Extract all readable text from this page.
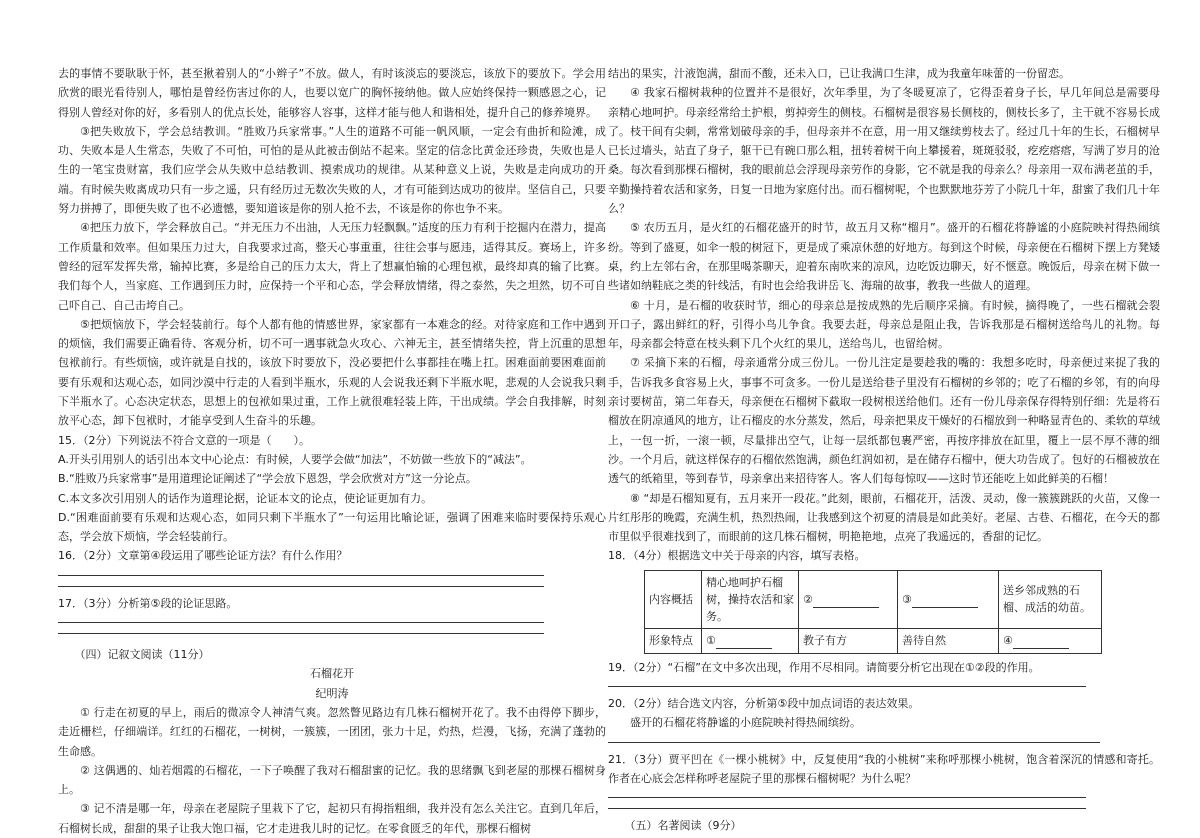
去的事情不要耿耿于怀，甚至揪着别人的“小辫子”不放。做人，有时该淡忘的要淡忘，该放下的要放下。学会用欣赏的眼光看待别人，哪怕是曾经伤害过你的人，也要以宽广的胸怀接纳他。做人应始终保持一颗感恩之心，记得别人曾经对你的好，多看别人的优点长处，能够容人容事，这样才能与他人和谐相处，提升自己的修养境界。

③把失败放下，学会总结教训。“胜败乃兵家常事。”人生的道路不可能一帆风顺，一定会有曲折和险滩，成功、失败本是人生常态，失败了不可怕，可怕的是从此被击倒站不起来。坚定的信念比黄金还珍贵，失败也是人生的一笔宝贵财富，我们应学会从失败中总结教训、摸索成功的规律。从某种意义上说，失败是走向成功的开端。有时候失败离成功只有一步之遥，只有经历过无数次失败的人，才有可能到达成功的彼岸。坚信自己，只要努力拼搏了，即便失败了也不必遗憾，要知道该是你的别人抢不去，不该是你的你也争不来。

④把压力放下，学会释放自己。“并无压力不出油，人无压力轻飘飘。”适度的压力有利于挖掘内在潜力，提高工作质量和效率。但如果压力过大，自我要求过高，整天心事重重，往往会事与愿违，适得其反。赛场上，许多曾经的冠军发挥失常，输掉比赛，多是给自己的压力太大，背上了想赢怕输的心理包袱，最终却真的输了比赛。我们每个人，当家庭、工作遇到压力时，应保持一个平和心态，学会释放情绪，得之泰然，失之坦然，切不可自己吓自己、自己击垮自己。

⑤把烦恼放下，学会轻装前行。每个人都有他的情感世界，家家都有一本难念的经。对待家庭和工作中遇到的烦恼，我们需要正确看待、客观分析，切不可一遇事就急火攻心、六神无主，甚至情绪失控，背上沉重的思想包袱前行。有些烦恼，或许就是自找的，该放下时要放下，没必要把什么事都挂在嘴上扛。困难面前要困难面前要有乐观和达观心态，如同沙漠中行走的人看到半瓶水，乐观的人会说我还剩下半瓶水呢，悲观的人会说我只剩下半瓶水了。心态决定状态，思想上的包袱如果过重，工作上就很难轻装上阵，干出成绩。学会自我排解，时刻放平心态，卸下包袱时，才能享受到人生奋斗的乐趣。

15．（2分）下列说法不符合文意的一项是（　　）。

A.开头引用别人的话引出本文中心论点：有时候，人要学会做“加法”，不妨做一些放下的“减法”。

B.“胜败乃兵家常事”是用道理论证阐述了“学会放下恩怨，学会欣赏对方”这一分论点。

C.本文多次引用别人的话作为道理论据，论证本文的论点，使论证更加有力。

D.“困难面前要有乐观和达观心态，如同只剩下半瓶水了”一句运用比喻论证，强调了困难来临时要保持乐观心态，学会放下烦恼，学会轻装前行。

16．（2分）文章第④段运用了哪些论证方法？有什么作用？

17．（3分）分析第⑤段的论证思路。

（四）记叙文阅读（11分）

石榴花开

纪明涛

① 行走在初夏的早上，雨后的微凉令人神清气爽。忽然瞥见路边有几株石榴树开花了。我不由得停下脚步，走近栅栏，仔细端详。红红的石榴花，一树树，一簇簇，一团团，张力十足，灼热，烂漫，飞扬，充满了蓬勃的生命感。

② 这偶遇的、灿若烟霞的石榴花，一下子唤醒了我对石榴甜蜜的记忆。我的思绪飘飞到老屋的那棵石榴树身上。

③ 记不清是哪一年，母亲在老屋院子里栽下了它，起初只有拇指粗细，我并没有怎么关注它。直到几年后，石榴树长成，甜甜的果子让我大饱口福，它才走进我儿时的记忆。在零食匮乏的年代，那棵石榴树

结出的果实，汁液饱满，甜而不酸，还未入口，已让我满口生津，成为我童年味蕾的一份留恋。

④ 我家石榴树栽种的位置并不是很好，次年季里，为了冬暖夏凉了，它得歪着身子长，早几年间总是需要母亲精心地呵护。母亲经常给土护根，剪掉旁生的侧枝。石榴树是很容易长侧枝的，侧枝长多了，主干就不容易长成了。枝干间有尖刺，常常划破母亲的手，但母亲并不在意，用一用又继续剪枝去了。经过几十年的生长，石榴树早已长过墙头，站直了身子，躯干已有碗口那么粗，扭转着树干向上攀援着，斑斑驳驳，疙疙瘩瘩，写满了岁月的沧桑。每次看到那棵石榴树，我的眼前总会浮现母亲劳作的身影，它不就是我的母亲么？母亲用一双布满老茧的手，辛勤操持着农活和家务，日复一日地为家庭付出。而石榴树呢，个也默默地芬芳了小院几十年，甜蜜了我们几十年么？

⑤ 农历五月，是火红的石榴花盛开的时节，故五月又称“榴月”。盛开的石榴花将静谧的小庭院映衬得热闹缤纷。等到了盛夏，如伞一般的树冠下，更是成了乘凉休憩的好地方。每到这个时候，母亲便在石榴树下摆上方凳矮桌，约上左邻右舍，在那里喝茶聊天，迎着东南吹来的凉风，边吃饭边聊天，好不惬意。晚饭后，母亲在树下做一些诸如纳鞋底之类的针线活，有时也会给我讲岳飞、海瑞的故事，教我一些做人的道理。

⑥ 十月，是石榴的收获时节，细心的母亲总是按成熟的先后顺序采摘。有时候，摘得晚了，一些石榴就会裂开口子，露出鲜红的籽，引得小鸟儿争食。我要去赶，母亲总是阻止我，告诉我那是石榴树送给鸟儿的礼物。每年，母亲都会特意在枝头剩下几个火红的果儿，送给鸟儿，也留给树。

⑦ 采摘下来的石榴，母亲通常分成三份儿。一份儿注定是要趁我的嘴的：我想多吃时，母亲便过来捉了我的手，告诉我多食容易上火，事事不可贪多。一份儿是送给巷子里没有石榴树的乡邻的；吃了石榴的乡邻，有的向母亲讨要树苗，第二年春天，母亲便在石榴树下截取一段树根送给他们。还有一份儿母亲保存得特别仔细：先是将石榴放在阴凉通风的地方，让石榴皮的水分蒸发，然后，母亲把果皮干燥好的石榴放到一种略显青色的、柔软的草绒上，一包一折，一滚一顿，尽量排出空气，让每一层纸都包裹严密，再按序排放在缸里，覆上一层不厚不薄的细沙。一个月后，就这样保存的石榴依然饱满，颜色红润如初，是在储存石榴中，便大功告成了。包好的石榴被放在透气的纸箱里，等到春节，母亲拿出来招待客人。客人们每每惊叹——这时节还能吃上如此鲜美的石榴！

⑧ “却是石榴知夏有，五月来开一段花。”此刻，眼前，石榴花开，活泼、灵动，像一簇簇跳跃的火苗，又像一片红彤彤的晚霞，充满生机，热烈热闹，让我感到这个初夏的清晨是如此美好。老屋、古巷、石榴花，在今天的都市里似乎很难找到了，而眼前的这几株石榴树，明艳艳地，点亮了我遥远的，香甜的记忆。

18．（4分）根据选文中关于母亲的内容，填写表格。

内容概括	精心地呵护石榴树，操持农活和家务。	②	③	送乡邻成熟的石榴、成活的幼苗。
形象特点	①	教子有方	善待自然	④

19．（2分）“石榴”在文中多次出现，作用不尽相同。请简要分析它出现在①②段的作用。

20．（2分）结合选文内容，分析第⑤段中加点词语的表达效果。

盛开的石榴花将静谧的小庭院映衬得热闹缤纷。

21．（3分）贾平凹在《一棵小桃树》中，反复使用“我的小桃树”来称呼那棵小桃树，饱含着深沉的情感和寄托。作者在心底会怎样称呼老屋院子里的那棵石榴树呢？为什么呢？

（五）名著阅读（9分）
